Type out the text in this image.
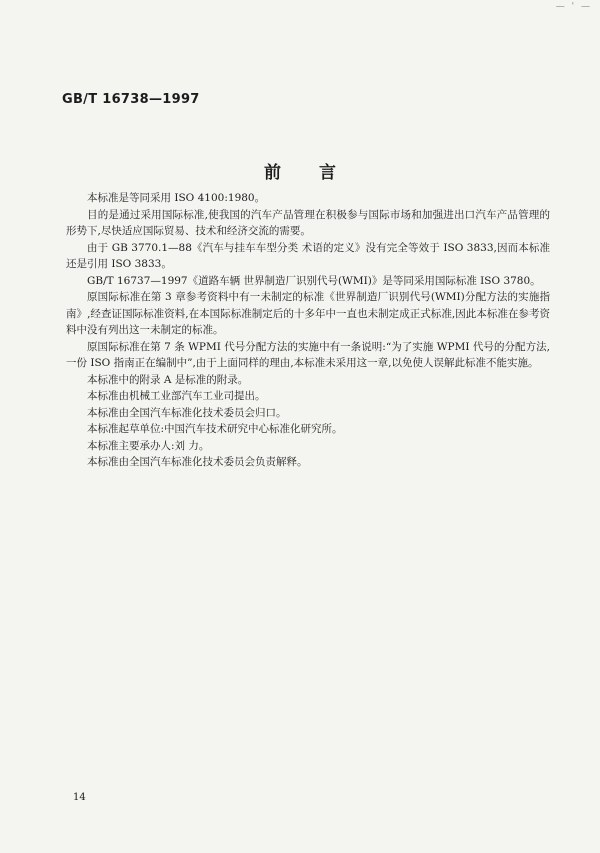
— ' —
GB/T 16738—1997
前言

本标准是等同采用 ISO 4100:1980。

目的是通过采用国际标准,使我国的汽车产品管理在积极参与国际市场和加强进出口汽车产品管理的形势下,尽快适应国际贸易、技术和经济交流的需要。

由于 GB 3770.1—88《汽车与挂车车型分类 术语的定义》没有完全等效于 ISO 3833,因而本标准还是引用 ISO 3833。

GB/T 16737—1997《道路车辆 世界制造厂识别代号(WMI)》是等同采用国际标准 ISO 3780。

原国际标准在第 3 章参考资料中有一未制定的标准《世界制造厂识别代号(WMI)分配方法的实施指南》,经查证国际标准资料,在本国际标准制定后的十多年中一直也未制定成正式标准,因此本标准在参考资料中没有列出这一未制定的标准。

原国际标准在第 7 条 WPMI 代号分配方法的实施中有一条说明:“为了实施 WPMI 代号的分配方法,一份 ISO 指南正在编制中”,由于上面同样的理由,本标准未采用这一章,以免使人误解此标准不能实施。

本标准中的附录 A 是标准的附录。

本标准由机械工业部汽车工业司提出。

本标准由全国汽车标准化技术委员会归口。

本标准起草单位:中国汽车技术研究中心标准化研究所。

本标准主要承办人:刘 力。

本标准由全国汽车标准化技术委员会负责解释。

14
